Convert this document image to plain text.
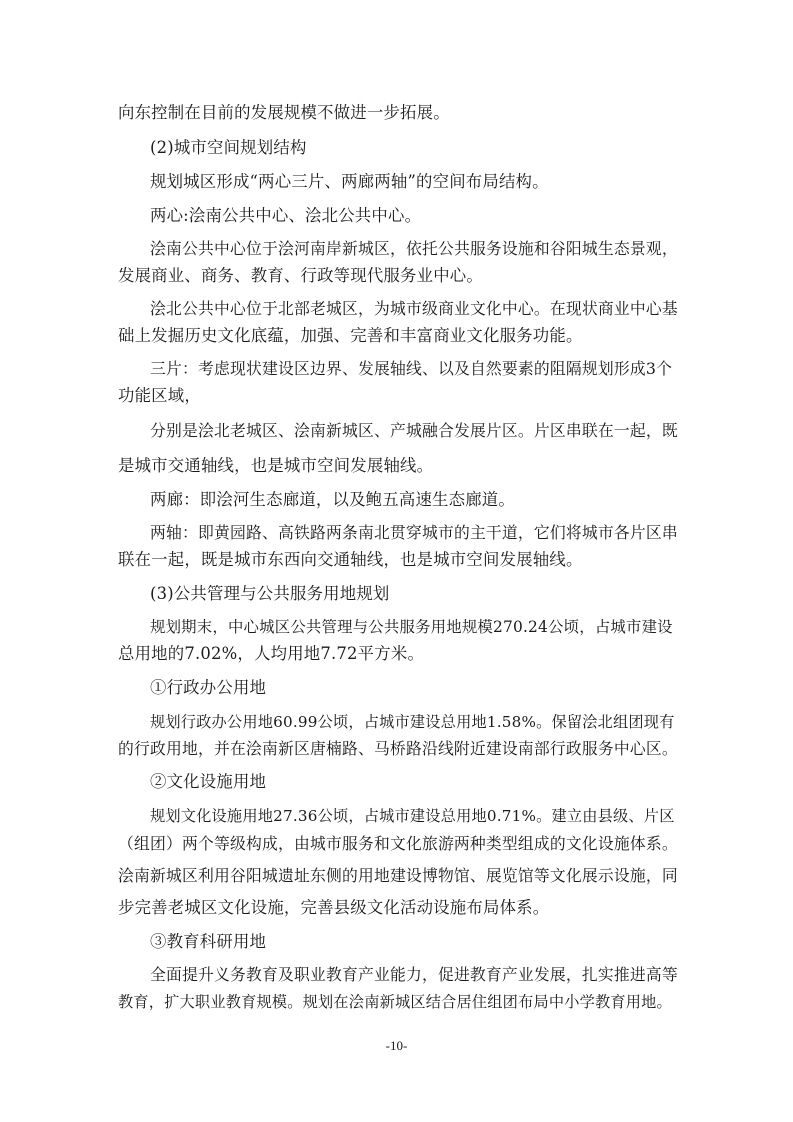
向东控制在目前的发展规模不做进一步拓展。
(2)城市空间规划结构
规划城区形成“两心三片、两廊两轴”的空间布局结构。
两心:浍南公共中心、浍北公共中心。
浍南公共中心位于浍河南岸新城区，依托公共服务设施和谷阳城生态景观，
发展商业、商务、教育、行政等现代服务业中心。
浍北公共中心位于北部老城区，为城市级商业文化中心。在现状商业中心基
础上发掘历史文化底蕴，加强、完善和丰富商业文化服务功能。
三片：考虑现状建设区边界、发展轴线、以及自然要素的阻隔规划形成3个
功能区域，
分别是浍北老城区、浍南新城区、产城融合发展片区。片区串联在一起，既
是城市交通轴线，也是城市空间发展轴线。
两廊：即浍河生态廊道，以及鲍五高速生态廊道。
两轴：即黄园路、高铁路两条南北贯穿城市的主干道，它们将城市各片区串
联在一起，既是城市东西向交通轴线，也是城市空间发展轴线。
(3)公共管理与公共服务用地规划
规划期末，中心城区公共管理与公共服务用地规模270.24公顷，占城市建设
总用地的7.02%，人均用地7.72平方米。
①行政办公用地
规划行政办公用地60.99公顷，占城市建设总用地1.58%。保留浍北组团现有
的行政用地，并在浍南新区唐楠路、马桥路沿线附近建设南部行政服务中心区。
②文化设施用地
规划文化设施用地27.36公顷，占城市建设总用地0.71%。建立由县级、片区
（组团）两个等级构成，由城市服务和文化旅游两种类型组成的文化设施体系。
浍南新城区利用谷阳城遗址东侧的用地建设博物馆、展览馆等文化展示设施，同
步完善老城区文化设施，完善县级文化活动设施布局体系。
③教育科研用地
全面提升义务教育及职业教育产业能力，促进教育产业发展，扎实推进高等
教育，扩大职业教育规模。规划在浍南新城区结合居住组团布局中小学教育用地。
-10-
